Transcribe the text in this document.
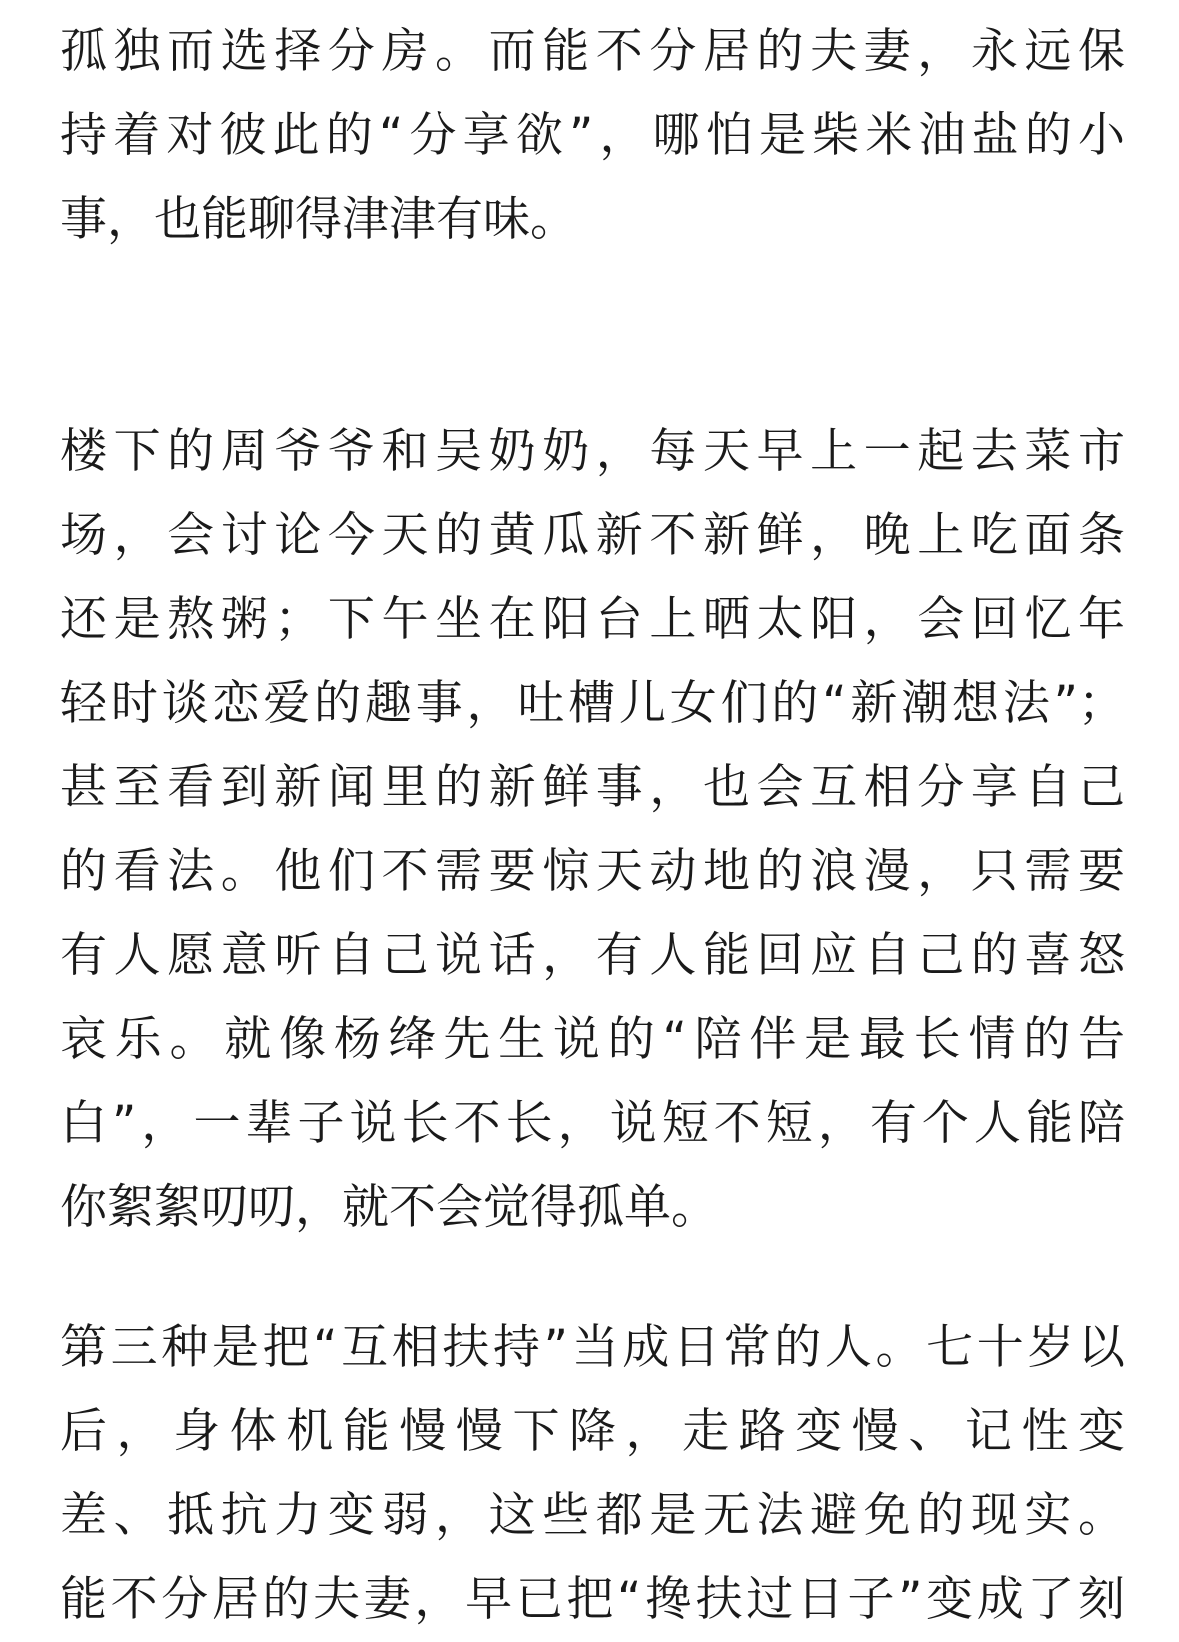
孤独而选择分房。而能不分居的夫妻，永远保
持着对彼此的“分享欲”，哪怕是柴米油盐的小
事，也能聊得津津有味。
楼下的周爷爷和吴奶奶，每天早上一起去菜市
场，会讨论今天的黄瓜新不新鲜，晚上吃面条
还是熬粥；下午坐在阳台上晒太阳，会回忆年
轻时谈恋爱的趣事，吐槽儿女们的“新潮想法”；
甚至看到新闻里的新鲜事，也会互相分享自己
的看法。他们不需要惊天动地的浪漫，只需要
有人愿意听自己说话，有人能回应自己的喜怒
哀乐。就像杨绛先生说的“陪伴是最长情的告
白”，一辈子说长不长，说短不短，有个人能陪
你絮絮叨叨，就不会觉得孤单。
第三种是把“互相扶持”当成日常的人。七十岁以
后，身体机能慢慢下降，走路变慢、记性变
差、抵抗力变弱，这些都是无法避免的现实。
能不分居的夫妻，早已把“搀扶过日子”变成了刻
